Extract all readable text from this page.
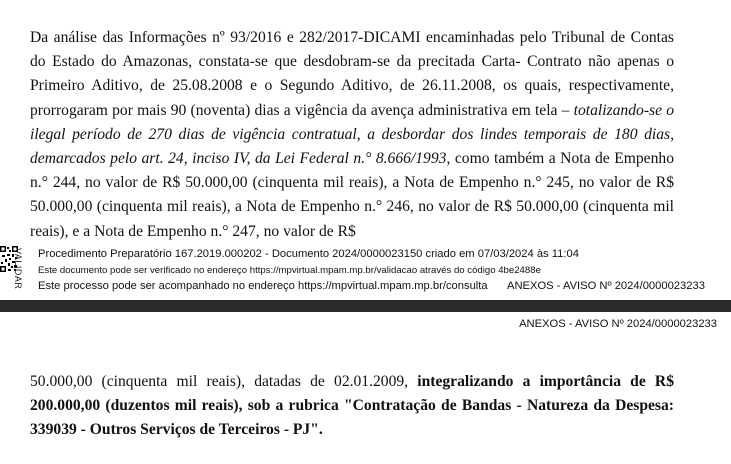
Da análise das Informações nº 93/2016 e 282/2017-DICAMI encaminhadas pelo Tribunal de Contas do Estado do Amazonas, constata-se que desdobram-se da precitada Carta- Contrato não apenas o Primeiro Aditivo, de 25.08.2008 e o Segundo Aditivo, de 26.11.2008, os quais, respectivamente, prorrogaram por mais 90 (noventa) dias a vigência da avença administrativa em tela – totalizando-se o ilegal período de 270 dias de vigência contratual, a desbordar dos lindes temporais de 180 dias, demarcados pelo art. 24, inciso IV, da Lei Federal n.° 8.666/1993, como também a Nota de Empenho n.° 244, no valor de R$ 50.000,00 (cinquenta mil reais), a Nota de Empenho n.° 245, no valor de R$ 50.000,00 (cinquenta mil reais), a Nota de Empenho n.° 246, no valor de R$ 50.000,00 (cinquenta mil reais), e a Nota de Empenho n.° 247, no valor de R$

VALIDAR Procedimento Preparatório 167.2019.000202 - Documento 2024/0000023150 criado em 07/03/2024 às 11:04
Este documento pode ser verificado no endereço https://mpvirtual.mpam.mp.br/validacao através do código 4be2488e
Este processo pode ser acompanhado no endereço https://mpvirtual.mpam.mp.br/consulta ANEXOS - AVISO Nº 2024/0000023233
ANEXOS - AVISO Nº 2024/0000023233

50.000,00 (cinquenta mil reais), datadas de 02.01.2009, integralizando a importância de R$ 200.000,00 (duzentos mil reais), sob a rubrica "Contratação de Bandas - Natureza da Despesa: 339039 - Outros Serviços de Terceiros - PJ".
